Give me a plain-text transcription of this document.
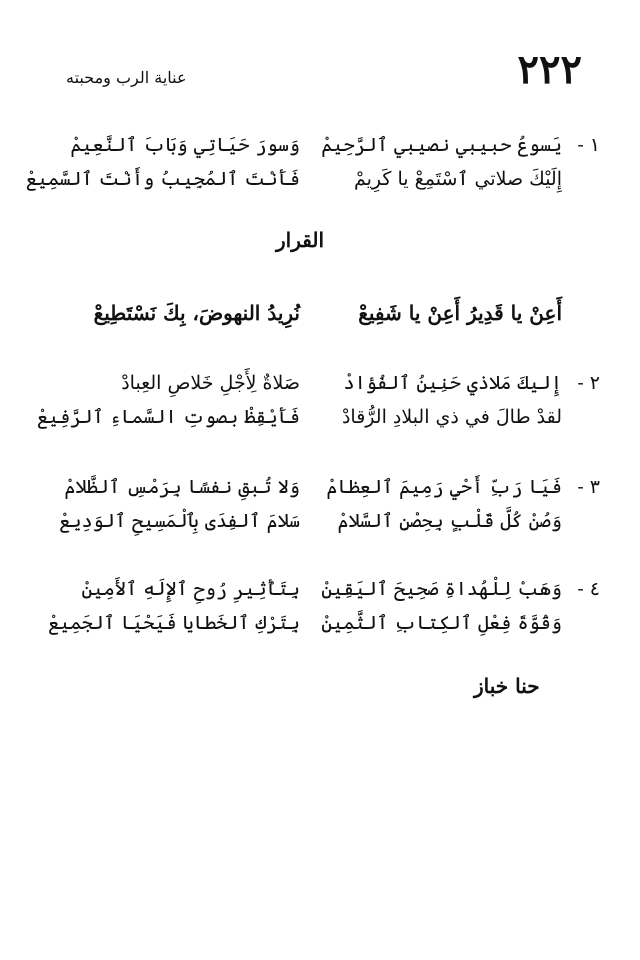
٢٢٢
عناية الرب ومحبته
١ -
يَسوعُ حبيبي نصيبي ٱلرَّحِيمْ
وَسورَ حَيَاتِي وَبَابَ ٱلنَّعِيمْ
إِلَيْكَ صلاتي ٱسْتَمِعْ يا كَرِيمْ
فَأَنْتَ ٱلمُجِيبُ وأَنْتَ ٱلسَّمِيعْ
القرار
أَعِنْ يا قَدِيرُ أَعِنْ يا شَفِيعْ
نُرِيدُ النهوضَ، بِكَ نَسْتَطِيعْ
٢ -
إِليكَ مَلاذي حَنِينُ ٱلفُؤادْ
صَلاةٌ لِأَجْلِ خَلاصِ العِبادْ
لقدْ طالَ في ذي البلادِ الرُّقادْ
فَأَيْقِظْ بصوتِ السَّماءِ ٱلرَّفِيعْ
٣ -
فَيَا رَبِّ أَحْيِ رَمِيمَ ٱلعِظامْ
وَلا تُبقِ نفسًا بِرَمْسِ ٱلظَّلامْ
وَصُنْ كُلَّ قَلْبٍ بِحِصْنِ ٱلسَّلامْ
سَلامَ ٱلفِدَى بِٱلْمَسِيحِ ٱلوَدِيعْ
٤ -
وَهَبْ لِلْهُداةِ صَحِيحَ ٱليَقِينْ
بِتَأْثِيرِ رُوحِ ٱلإِلَهِ ٱلأَمِينْ
وَقُوَّةَ فِعْلِ ٱلكِتابِ ٱلثَّمِينْ
بِتَرْكِ ٱلخَطايا فَيَحْيَا ٱلجَمِيعْ
حنا خباز
